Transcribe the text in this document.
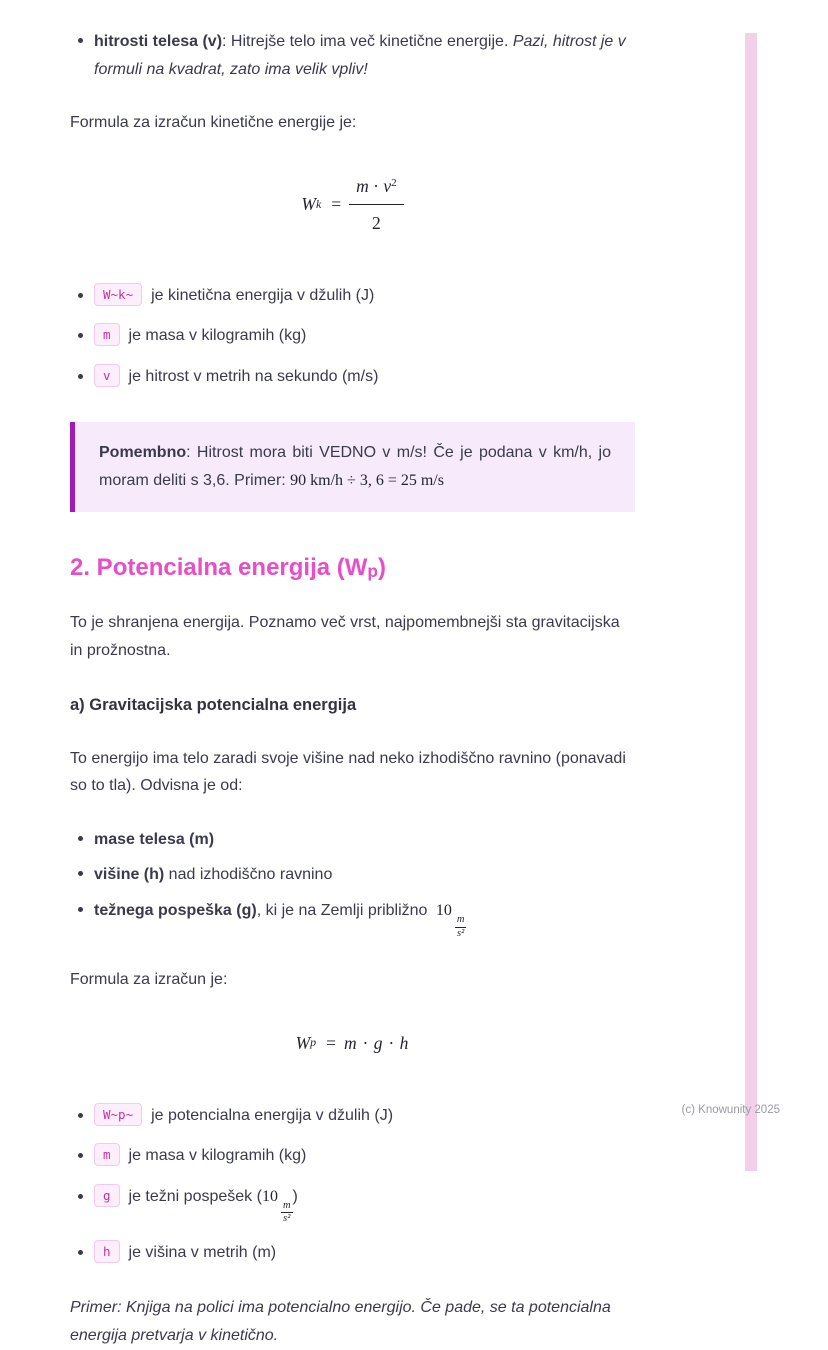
hitrosti telesa (v): Hitrejše telo ima več kinetične energije. Pazi, hitrost je v formuli na kvadrat, zato ima velik vpliv!

Formula za izračun kinetične energije je:

W $k = \frac{m \cdot v^2}{2}$
W~k~ je kinetična energija v džulih (J)
m je masa v kilogramih (kg)
v je hitrost v metrih na sekundo (m/s)

Pomembno: Hitrost mora biti VEDNO v m/s! Če je podana v km/h, jo moram deliti s 3,6. Primer: 90 km/h ÷ 3, 6 = 25 m/s

2. Potencialna energija $(W_p)$

To je shranjena energija. Poznamo več vrst, najpomembnejši sta gravitacijska in prožnostna.

a) Gravitacijska potencialna energija

To energijo ima telo zaradi svoje višine nad neko izhodiščno ravnino (ponavadi so to tla). Odvisna je od:

mase telesa (m)
višine (h) nad izhodiščno ravnino
težnega pospeška (g), ki je na Zemlji približno 10
$\frac{m}{\text{s²}}$

Formula za izračun je:

W p = m · g · h
W~p~ je potencialna energija v džulih (J)
m je masa v kilogramih (kg)
g je težni pospešek (10
$\frac{m}{\text{s²}}$
)
h je višina v metrih (m)

Primer: Knjiga na polici ima potencialno energijo. Če pade, se ta potencialna energija pretvarja v kinetično.

(c) Knowunity 2025
